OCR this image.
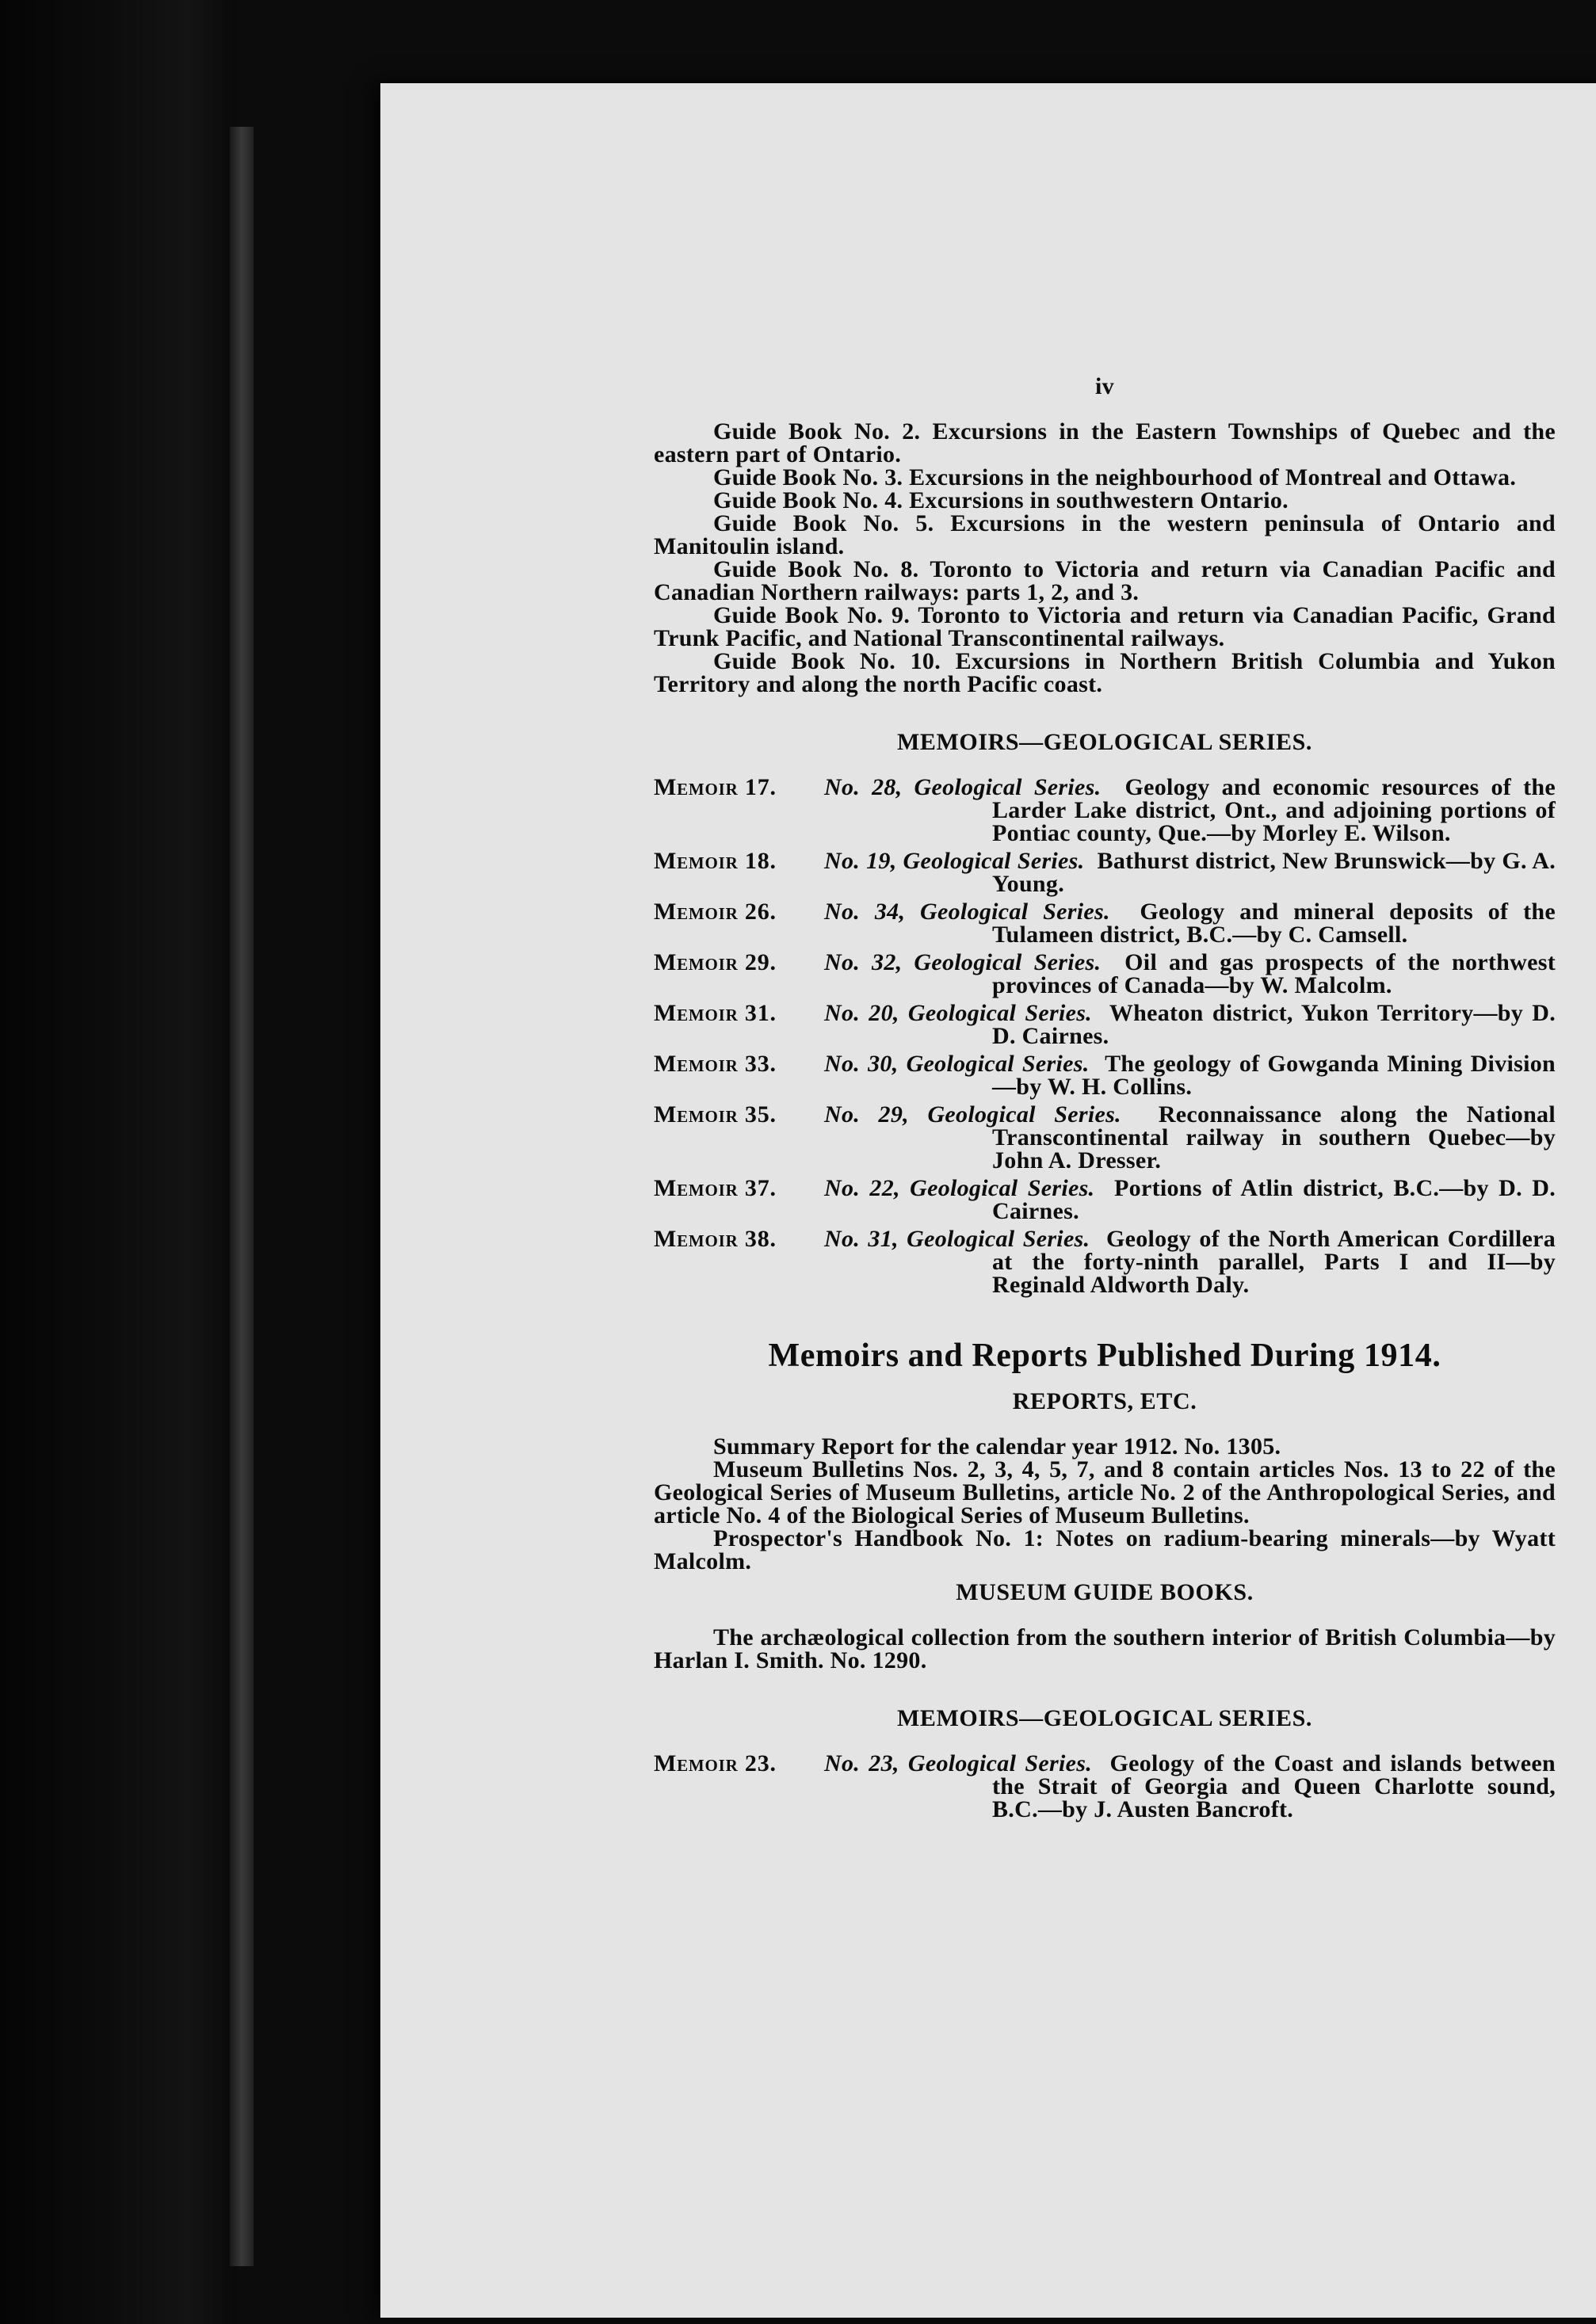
iv

Guide Book No. 2. Excursions in the Eastern Townships of Quebec and the eastern part of Ontario.

Guide Book No. 3. Excursions in the neighbourhood of Montreal and Ottawa.

Guide Book No. 4. Excursions in southwestern Ontario.

Guide Book No. 5. Excursions in the western peninsula of Ontario and Manitoulin island.

Guide Book No. 8. Toronto to Victoria and return via Canadian Pacific and Canadian Northern railways: parts 1, 2, and 3.

Guide Book No. 9. Toronto to Victoria and return via Canadian Pacific, Grand Trunk Pacific, and National Transcontinental railways.

Guide Book No. 10. Excursions in Northern British Columbia and Yukon Territory and along the north Pacific coast.

MEMOIRS—GEOLOGICAL SERIES.
Memoir 17.	No. 28, Geological Series. Geology and economic resources of the Larder Lake district, Ont., and adjoining portions of Pontiac county, Que.—by Morley E. Wilson.
Memoir 18.	No. 19, Geological Series. Bathurst district, New Brunswick—by G. A. Young.
Memoir 26.	No. 34, Geological Series. Geology and mineral deposits of the Tulameen district, B.C.—by C. Camsell.
Memoir 29.	No. 32, Geological Series. Oil and gas prospects of the northwest provinces of Canada—by W. Malcolm.
Memoir 31.	No. 20, Geological Series. Wheaton district, Yukon Territory—by D. D. Cairnes.
Memoir 33.	No. 30, Geological Series. The geology of Gowganda Mining Division—by W. H. Collins.
Memoir 35.	No. 29, Geological Series. Reconnaissance along the National Transcontinental railway in southern Quebec—by John A. Dresser.
Memoir 37.	No. 22, Geological Series. Portions of Atlin district, B.C.—by D. D. Cairnes.
Memoir 38.	No. 31, Geological Series. Geology of the North American Cordillera at the forty-ninth parallel, Parts I and II—by Reginald Aldworth Daly.
Memoirs and Reports Published During 1914.
REPORTS, ETC.

Summary Report for the calendar year 1912. No. 1305.

Museum Bulletins Nos. 2, 3, 4, 5, 7, and 8 contain articles Nos. 13 to 22 of the Geological Series of Museum Bulletins, article No. 2 of the Anthropological Series, and article No. 4 of the Biological Series of Museum Bulletins.

Prospector's Handbook No. 1: Notes on radium-bearing minerals—by Wyatt Malcolm.

MUSEUM GUIDE BOOKS.

The archæological collection from the southern interior of British Columbia—by Harlan I. Smith. No. 1290.

MEMOIRS—GEOLOGICAL SERIES.
Memoir 23.	No. 23, Geological Series. Geology of the Coast and islands between the Strait of Georgia and Queen Charlotte sound, B.C.—by J. Austen Bancroft.
